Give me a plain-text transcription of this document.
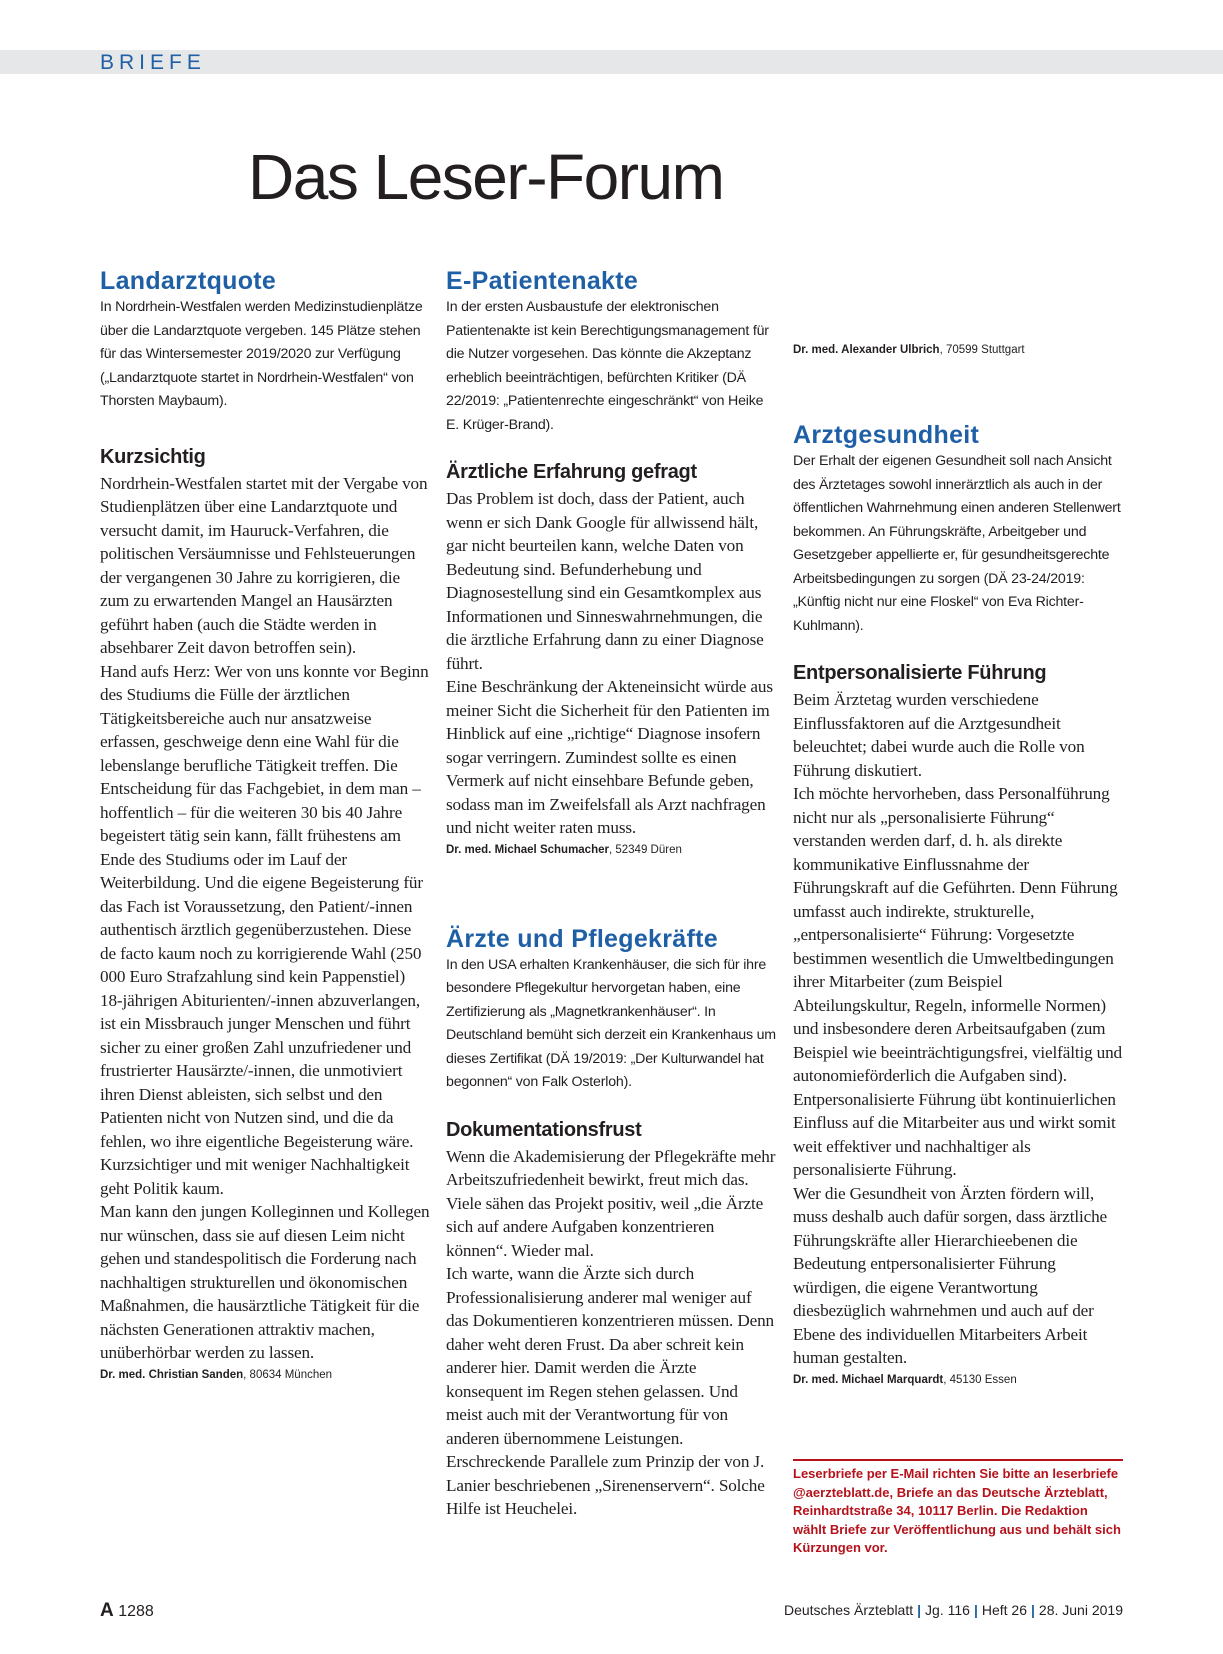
BRIEFE
Das Leser-Forum
Landarztquote
In Nordrhein-Westfalen werden Medizinstudienplätze über die Landarztquote vergeben. 145 Plätze stehen für das Wintersemester 2019/2020 zur Verfügung („Landarztquote startet in Nordrhein-Westfalen“ von Thorsten Maybaum).
Kurzsichtig

Nordrhein-Westfalen startet mit der Vergabe von Studienplätzen über eine Landarztquote und versucht damit, im Hauruck-Verfahren, die politischen Versäumnisse und Fehlsteuerungen der vergangenen 30 Jahre zu korrigieren, die zum zu erwartenden Mangel an Hausärzten geführt haben (auch die Städte werden in absehbarer Zeit davon betroffen sein).

Hand aufs Herz: Wer von uns konnte vor Beginn des Studiums die Fülle der ärztlichen Tätigkeitsbereiche auch nur ansatzweise erfassen, geschweige denn eine Wahl für die lebenslange berufliche Tätigkeit treffen. Die Entscheidung für das Fachgebiet, in dem man – hoffentlich – für die weiteren 30 bis 40 Jahre begeistert tätig sein kann, fällt frühestens am Ende des Studiums oder im Lauf der Weiterbildung. Und die eigene Begeisterung für das Fach ist Voraussetzung, den Patient/-innen authentisch ärztlich gegenüberzustehen. Diese de facto kaum noch zu korrigierende Wahl (250 000 Euro Strafzahlung sind kein Pappenstiel) 18-jährigen Abiturienten/-innen abzuverlangen, ist ein Missbrauch junger Menschen und führt sicher zu einer großen Zahl unzufriedener und frustrierter Hausärzte/-innen, die unmotiviert ihren Dienst ableisten, sich selbst und den Patienten nicht von Nutzen sind, und die da fehlen, wo ihre eigentliche Begeisterung wäre. Kurzsichtiger und mit weniger Nachhaltigkeit geht Politik kaum.

Man kann den jungen Kolleginnen und Kollegen nur wünschen, dass sie auf diesen Leim nicht gehen und standespolitisch die Forderung nach nachhaltigen strukturellen und ökonomischen Maßnahmen, die hausärztliche Tätigkeit für die nächsten Generationen attraktiv machen, unüberhörbar werden zu lassen.

Dr. med. Christian Sanden, 80634 München
E-Patientenakte
In der ersten Ausbaustufe der elektronischen Patientenakte ist kein Berechtigungsmanagement für die Nutzer vorgesehen. Das könnte die Akzeptanz erheblich beeinträchtigen, befürchten Kritiker (DÄ 22/2019: „Patientenrechte eingeschränkt“ von Heike E. Krüger-Brand).
Ärztliche Erfahrung gefragt

Das Problem ist doch, dass der Patient, auch wenn er sich Dank Google für allwissend hält, gar nicht beurteilen kann, welche Daten von Bedeutung sind. Befunderhebung und Diagnosestellung sind ein Gesamtkomplex aus Informationen und Sinneswahrnehmungen, die die ärztliche Erfahrung dann zu einer Diagnose führt.

Eine Beschränkung der Akteneinsicht würde aus meiner Sicht die Sicherheit für den Patienten im Hinblick auf eine „richtige“ Diagnose insofern sogar verringern. Zumindest sollte es einen Vermerk auf nicht einsehbare Befunde geben, sodass man im Zweifelsfall als Arzt nachfragen und nicht weiter raten muss.

Dr. med. Michael Schumacher, 52349 Düren
Ärzte und Pflegekräfte
In den USA erhalten Krankenhäuser, die sich für ihre besondere Pflegekultur hervorgetan haben, eine Zertifizierung als „Magnetkrankenhäuser“. In Deutschland bemüht sich derzeit ein Krankenhaus um dieses Zertifikat (DÄ 19/2019: „Der Kulturwandel hat begonnen“ von Falk Osterloh).
Dokumentationsfrust

Wenn die Akademisierung der Pflegekräfte mehr Arbeitszufriedenheit bewirkt, freut mich das. Viele sähen das Projekt positiv, weil „die Ärzte sich auf andere Aufgaben konzentrieren können“. Wieder mal.

Ich warte, wann die Ärzte sich durch Professionalisierung anderer mal weniger auf das Dokumentieren konzentrieren müssen. Denn daher weht deren Frust. Da aber schreit kein anderer hier. Damit werden die Ärzte konsequent im Regen stehen gelassen. Und meist auch mit der Verantwortung für von anderen übernommene Leistungen. Erschreckende Parallele zum Prinzip der von J. Lanier beschriebenen „Sirenenservern“. Solche Hilfe ist Heuchelei.

Dr. med. Alexander Ulbrich, 70599 Stuttgart
Arztgesundheit
Der Erhalt der eigenen Gesundheit soll nach Ansicht des Ärztetages sowohl innerärztlich als auch in der öffentlichen Wahrnehmung einen anderen Stellenwert bekommen. An Führungskräfte, Arbeitgeber und Gesetzgeber appellierte er, für gesundheitsgerechte Arbeitsbedingungen zu sorgen (DÄ 23-24/2019: „Künftig nicht nur eine Floskel“ von Eva Richter-Kuhlmann).
Entpersonalisierte Führung

Beim Ärztetag wurden verschiedene Einflussfaktoren auf die Arztgesundheit beleuchtet; dabei wurde auch die Rolle von Führung diskutiert.

Ich möchte hervorheben, dass Personalführung nicht nur als „personalisierte Führung“ verstanden werden darf, d. h. als direkte kommunikative Einflussnahme der Führungskraft auf die Geführten. Denn Führung umfasst auch indirekte, strukturelle, „entpersonalisierte“ Führung: Vorgesetzte bestimmen wesentlich die Umweltbedingungen ihrer Mitarbeiter (zum Beispiel Abteilungskultur, Regeln, informelle Normen) und insbesondere deren Arbeitsaufgaben (zum Beispiel wie beeinträchtigungsfrei, vielfältig und autonomieförderlich die Aufgaben sind). Entpersonalisierte Führung übt kontinuierlichen Einfluss auf die Mitarbeiter aus und wirkt somit weit effektiver und nachhaltiger als personalisierte Führung.

Wer die Gesundheit von Ärzten fördern will, muss deshalb auch dafür sorgen, dass ärztliche Führungskräfte aller Hierarchieebenen die Bedeutung entpersonalisierter Führung würdigen, die eigene Verantwortung diesbezüglich wahrnehmen und auch auf der Ebene des individuellen Mitarbeiters Arbeit human gestalten.

Dr. med. Michael Marquardt, 45130 Essen
Leserbriefe per E-Mail richten Sie bitte an leserbriefe @aerzteblatt.de, Briefe an das Deutsche Ärzteblatt, Reinhardtstraße 34, 10117 Berlin. Die Redaktion wählt Briefe zur Veröffentlichung aus und behält sich Kürzungen vor.
A 1288	Deutsches Ärzteblatt | Jg. 116 | Heft 26 | 28. Juni 2019
